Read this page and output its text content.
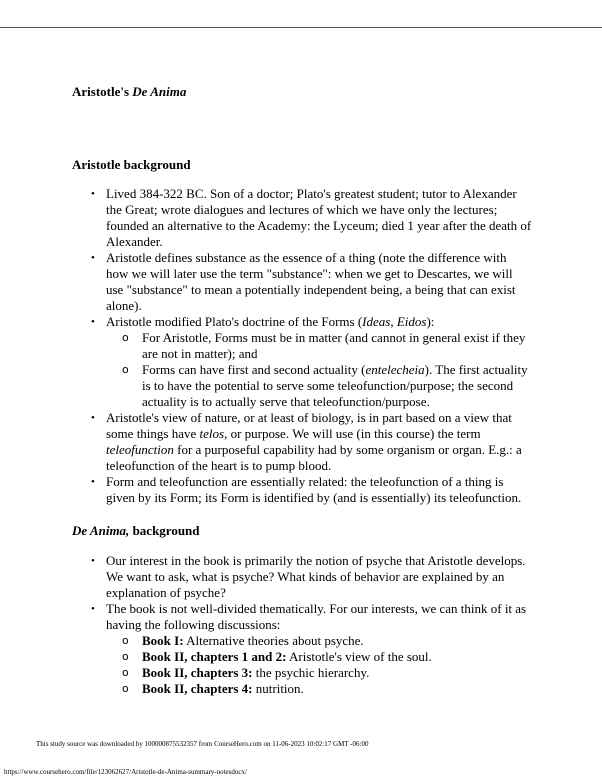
Aristotle's De Anima
Aristotle background
• Lived 384-322 BC. Son of a doctor; Plato's greatest student; tutor to Alexander the Great; wrote dialogues and lectures of which we have only the lectures; founded an alternative to the Academy: the Lyceum; died 1 year after the death of Alexander.
• Aristotle defines substance as the essence of a thing (note the difference with how we will later use the term "substance": when we get to Descartes, we will use "substance" to mean a potentially independent being, a being that can exist alone).
• Aristotle modified Plato's doctrine of the Forms (Ideas, Eidos):
o For Aristotle, Forms must be in matter (and cannot in general exist if they are not in matter); and
o Forms can have first and second actuality (entelecheia). The first actuality is to have the potential to serve some teleofunction/purpose; the second actuality is to actually serve that teleofunction/purpose.
• Aristotle's view of nature, or at least of biology, is in part based on a view that some things have telos, or purpose. We will use (in this course) the term teleofunction for a purposeful capability had by some organism or organ. E.g.: a teleofunction of the heart is to pump blood.
• Form and teleofunction are essentially related: the teleofunction of a thing is given by its Form; its Form is identified by (and is essentially) its teleofunction.
De Anima, background
• Our interest in the book is primarily the notion of psyche that Aristotle develops. We want to ask, what is psyche? What kinds of behavior are explained by an explanation of psyche?
• The book is not well-divided thematically. For our interests, we can think of it as having the following discussions:
o Book I: Alternative theories about psyche.
o Book II, chapters 1 and 2: Aristotle's view of the soul.
o Book II, chapters 3: the psychic hierarchy.
o Book II, chapters 4: nutrition.
This study source was downloaded by 100000875532357 from CourseHero.com on 11-06-2023 10:02:17 GMT -06:00
https://www.coursehero.com/file/123062627/Aristotle-de-Anima-summary-notesdocx/
